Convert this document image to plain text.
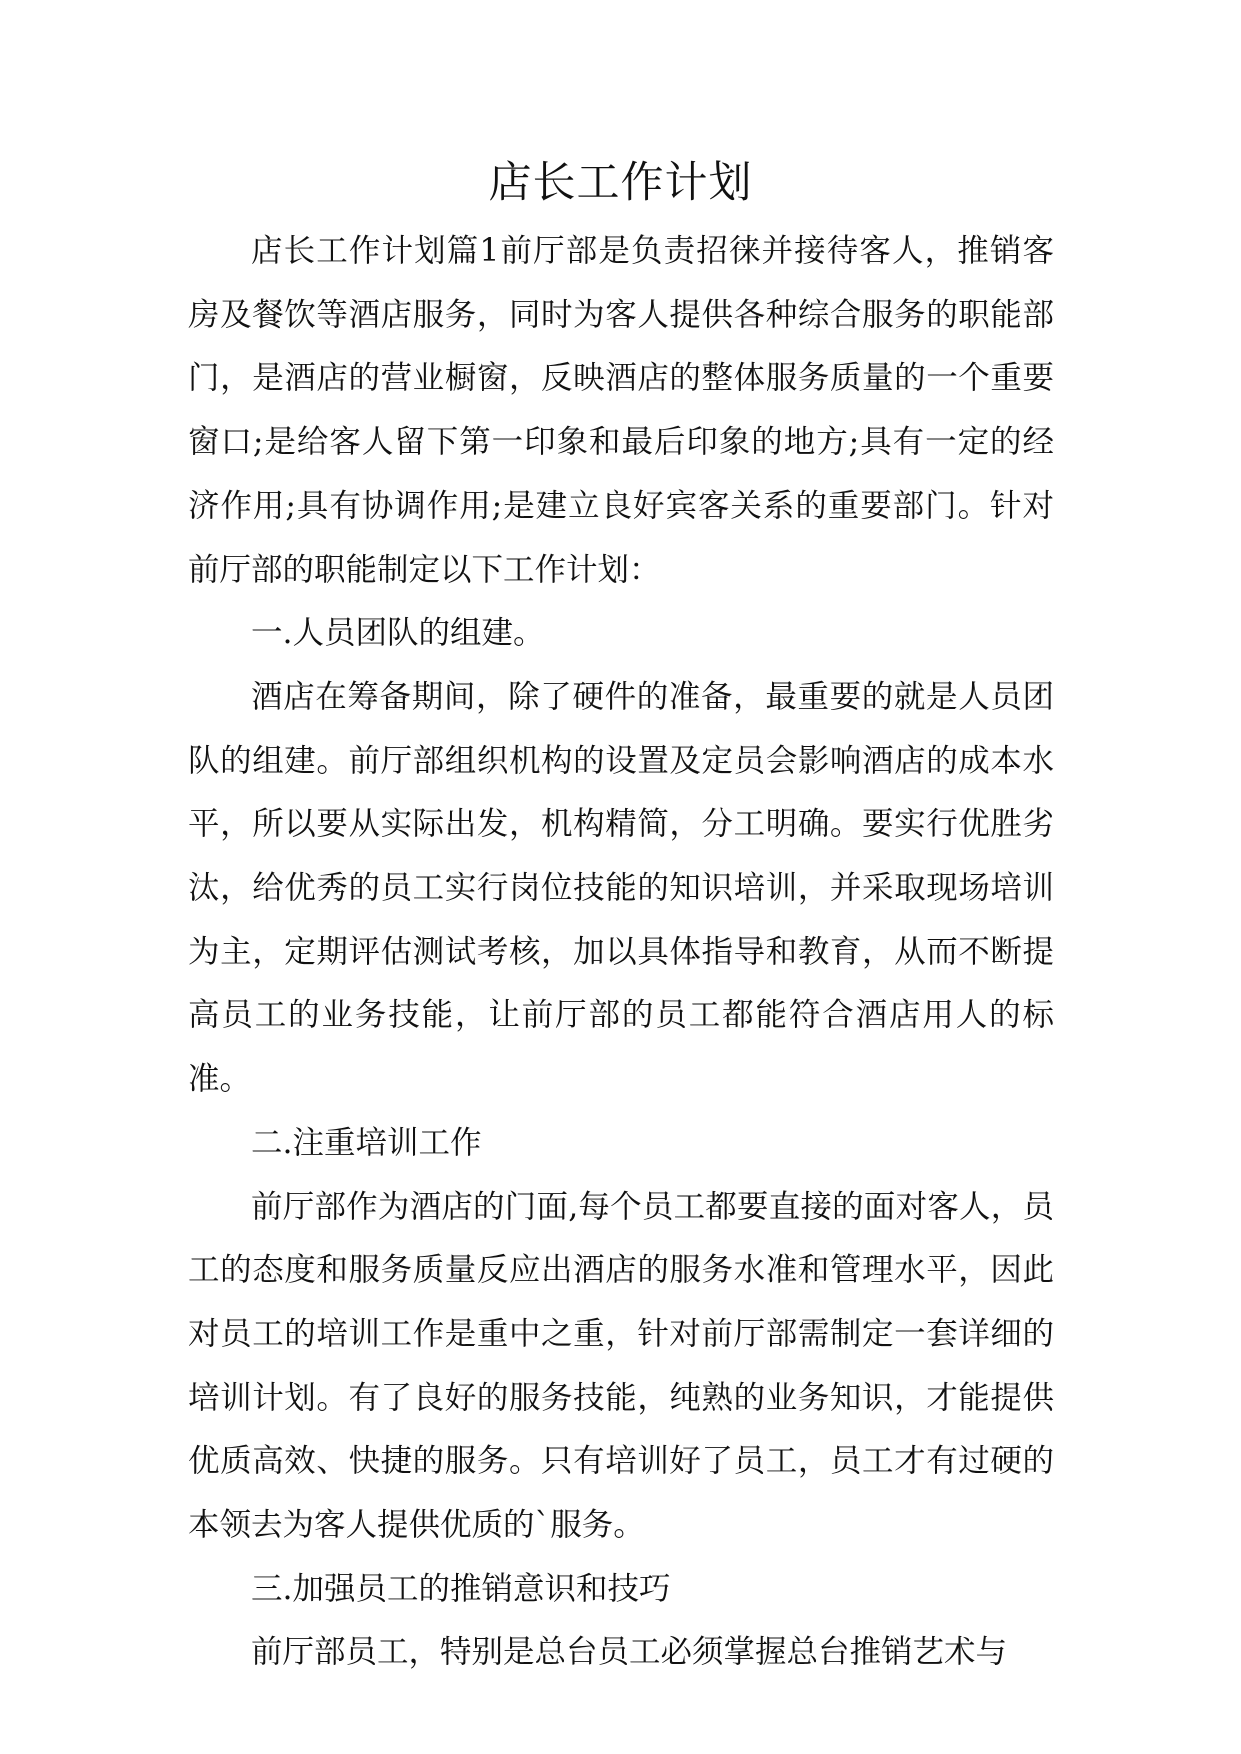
店长工作计划

店长工作计划篇1前厅部是负责招徕并接待客人，推销客房及餐饮等酒店服务，同时为客人提供各种综合服务的职能部门，是酒店的营业橱窗，反映酒店的整体服务质量的一个重要窗口;是给客人留下第一印象和最后印象的地方;具有一定的经济作用;具有协调作用;是建立良好宾客关系的重要部门。针对前厅部的职能制定以下工作计划：

一.人员团队的组建。

酒店在筹备期间，除了硬件的准备，最重要的就是人员团队的组建。前厅部组织机构的设置及定员会影响酒店的成本水平，所以要从实际出发，机构精简，分工明确。要实行优胜劣汰，给优秀的员工实行岗位技能的知识培训，并采取现场培训为主，定期评估测试考核，加以具体指导和教育，从而不断提高员工的业务技能，让前厅部的员工都能符合酒店用人的标准。

二.注重培训工作

前厅部作为酒店的门面,每个员工都要直接的面对客人，员工的态度和服务质量反应出酒店的服务水准和管理水平，因此对员工的培训工作是重中之重，针对前厅部需制定一套详细的培训计划。有了良好的服务技能，纯熟的业务知识，才能提供优质高效、快捷的服务。只有培训好了员工，员工才有过硬的本领去为客人提供优质的`服务。

三.加强员工的推销意识和技巧

前厅部员工，特别是总台员工必须掌握总台推销艺术与
